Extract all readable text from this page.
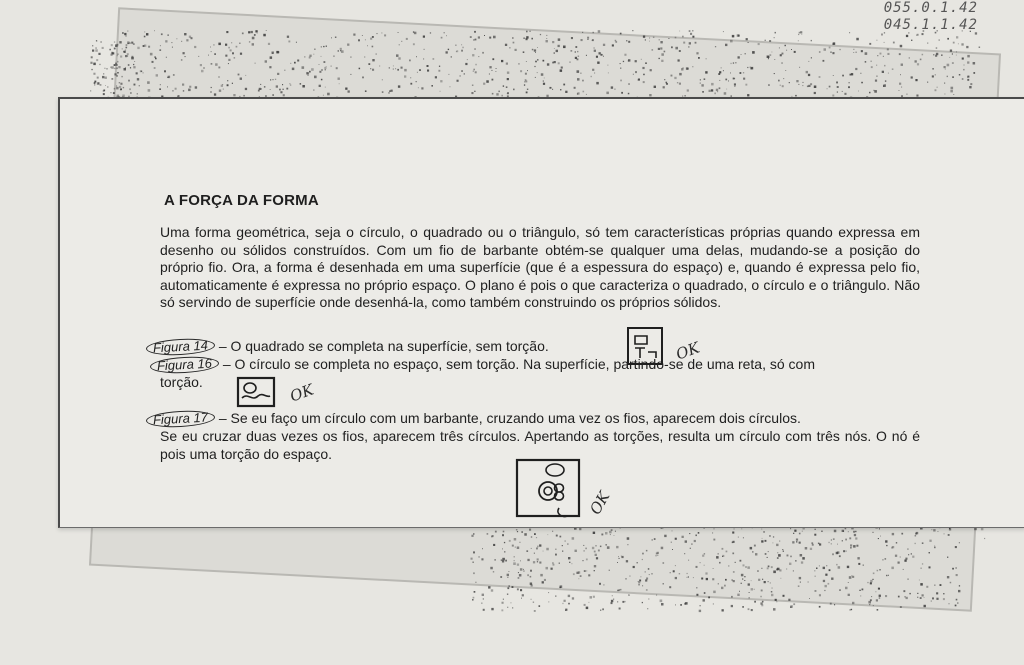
055.0.1.42
045.1.1.42
A FORÇA DA FORMA

Uma forma geométrica, seja o círculo, o quadrado ou o triângulo, só tem características próprias quando expressa em desenho ou sólidos construídos. Com um fio de barbante obtém-se qualquer uma delas, mudando-se a posição do próprio fio. Ora, a forma é desenhada em uma superfície (que é a espessura do espaço) e, quando é expressa pelo fio, automaticamente é expressa no próprio espaço. O plano é pois o que caracteriza o quadrado, o círculo e o triângulo. Não só servindo de superfície onde desenhá-la, como também construindo os próprios sólidos.

Figura 14 – O quadrado se completa na superfície, sem torção.
Figura 16 – O círculo se completa no espaço, sem torção. Na superfície, partindo-se de uma reta, só com
torção.
Figura 17 – Se eu faço um círculo com um barbante, cruzando uma vez os fios, aparecem dois círculos.

Se eu cruzar duas vezes os fios, aparecem três círculos. Apertando as torções, resulta um círculo com três nós. O nó é pois uma torção do espaço.

OK
OK
OK
